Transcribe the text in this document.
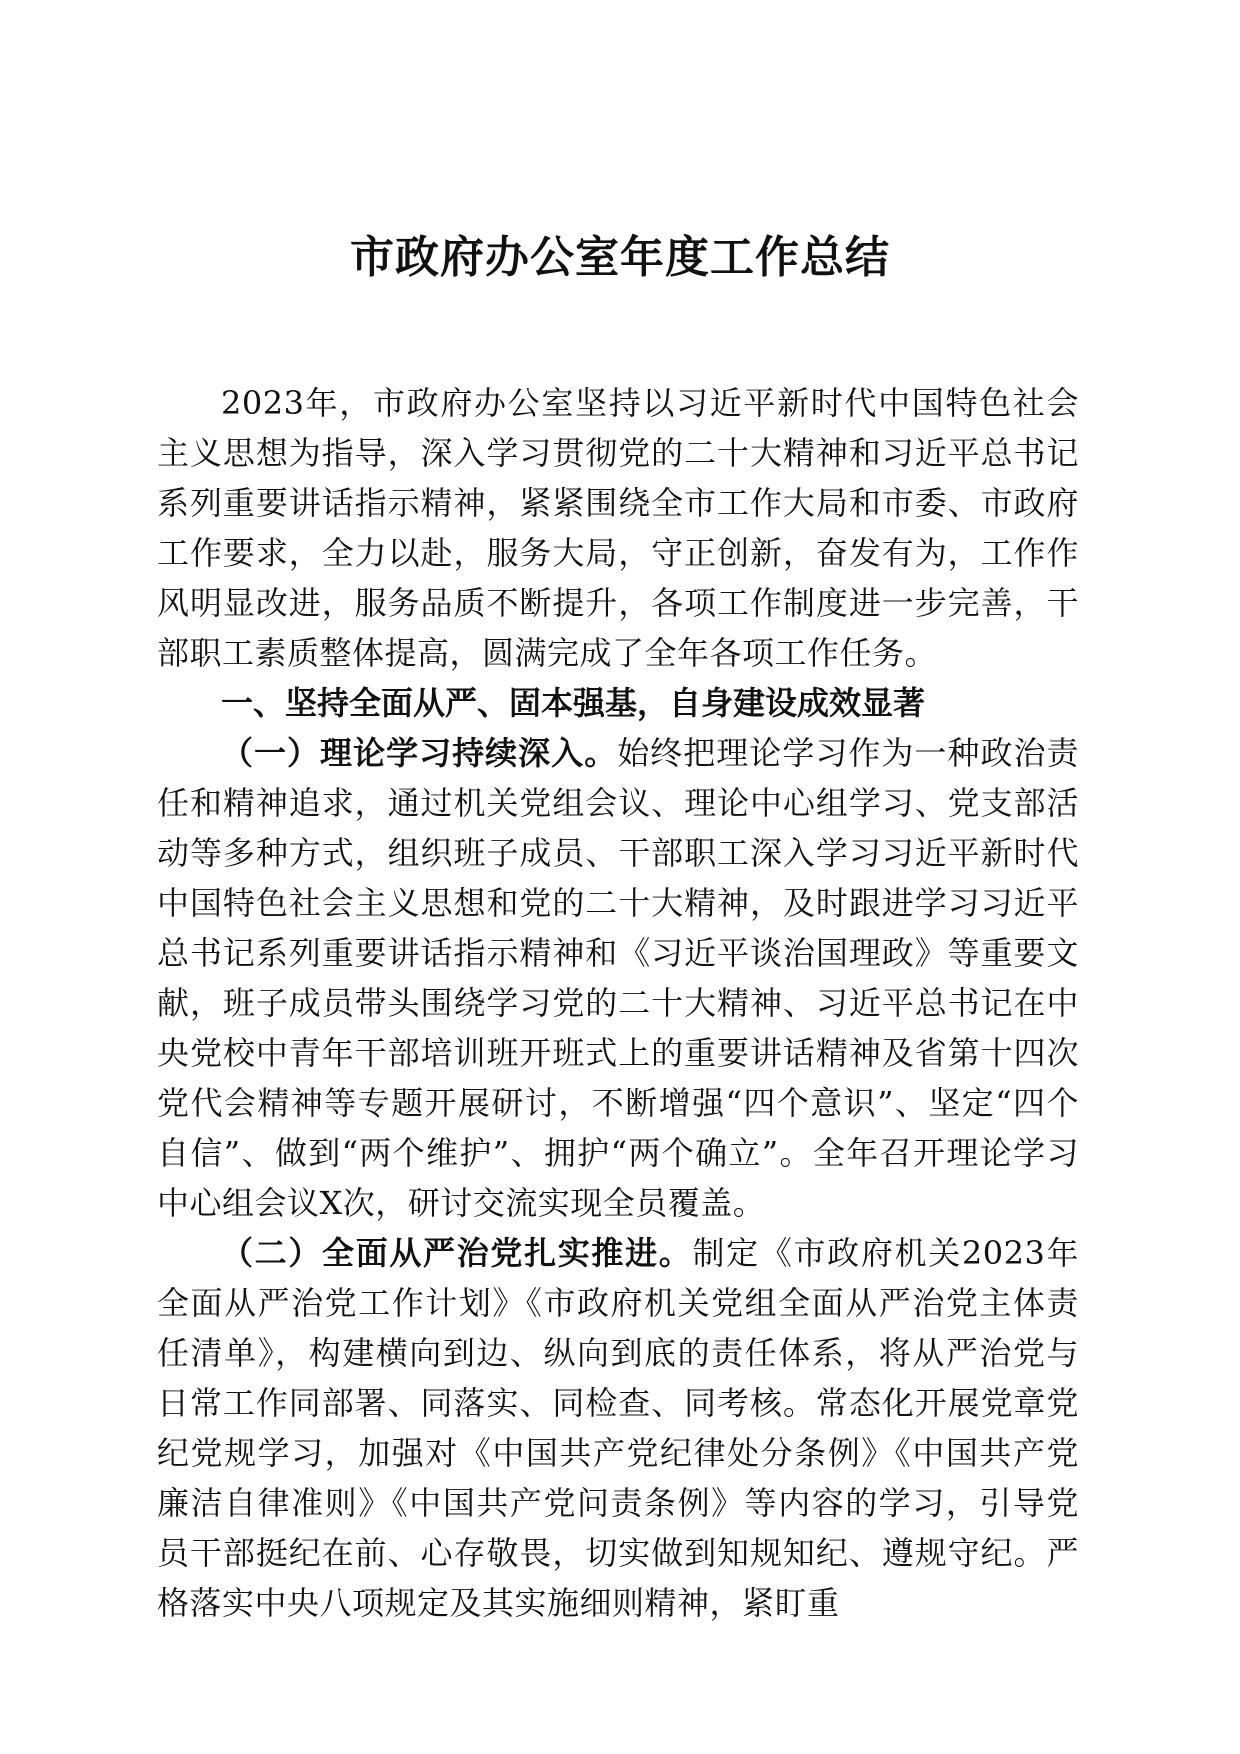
市政府办公室年度工作总结

2023年，市政府办公室坚持以习近平新时代中国特色社会主义思想为指导，深入学习贯彻党的二十大精神和习近平总书记系列重要讲话指示精神，紧紧围绕全市工作大局和市委、市政府工作要求，全力以赴，服务大局，守正创新，奋发有为，工作作风明显改进，服务品质不断提升，各项工作制度进一步完善，干部职工素质整体提高，圆满完成了全年各项工作任务。

一、坚持全面从严、固本强基，自身建设成效显著

（一）理论学习持续深入。始终把理论学习作为一种政治责任和精神追求，通过机关党组会议、理论中心组学习、党支部活动等多种方式，组织班子成员、干部职工深入学习习近平新时代中国特色社会主义思想和党的二十大精神，及时跟进学习习近平总书记系列重要讲话指示精神和《习近平谈治国理政》等重要文献，班子成员带头围绕学习党的二十大精神、习近平总书记在中央党校中青年干部培训班开班式上的重要讲话精神及省第十四次党代会精神等专题开展研讨，不断增强“四个意识”、坚定“四个自信”、做到“两个维护”、拥护“两个确立”。全年召开理论学习中心组会议X次，研讨交流实现全员覆盖。

（二）全面从严治党扎实推进。制定《市政府机关2023年全面从严治党工作计划》《市政府机关党组全面从严治党主体责任清单》，构建横向到边、纵向到底的责任体系，将从严治党与日常工作同部署、同落实、同检查、同考核。常态化开展党章党纪党规学习，加强对《中国共产党纪律处分条例》《中国共产党廉洁自律准则》《中国共产党问责条例》等内容的学习，引导党员干部挺纪在前、心存敬畏，切实做到知规知纪、遵规守纪。严格落实中央八项规定及其实施细则精神，紧盯重
